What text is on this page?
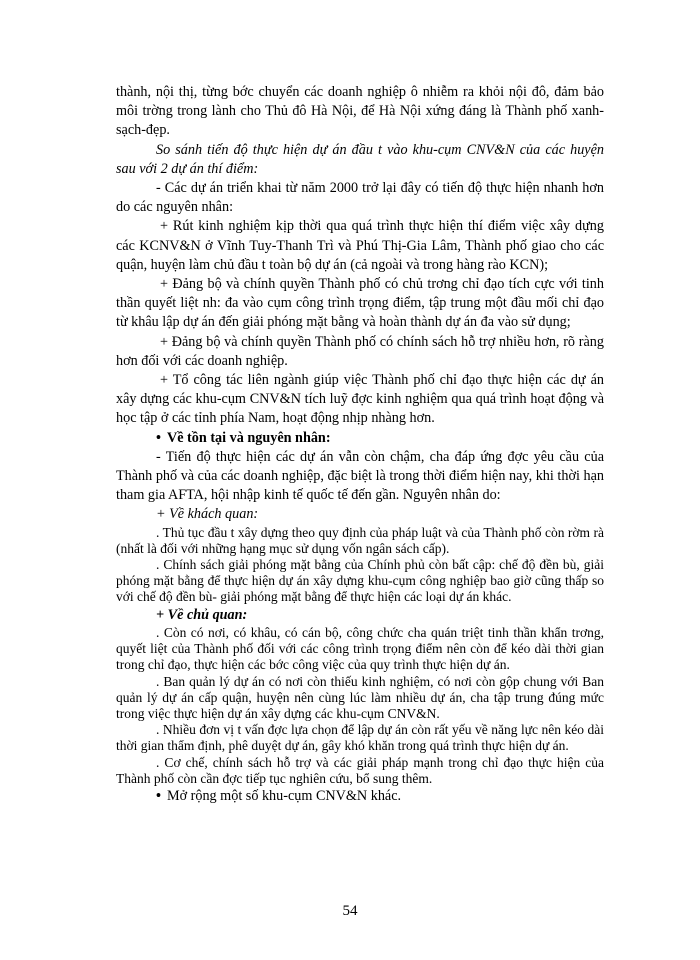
thành, nội thị, từng bớc chuyển các doanh nghiệp ô nhiễm ra khỏi nội đô, đảm bảo môi trờng trong lành cho Thủ đô Hà Nội, để Hà Nội xứng đáng là Thành phố xanh-sạch-đẹp.

So sánh tiến độ thực hiện dự án đầu t vào khu-cụm CNV&N của các huyện sau với 2 dự án thí điểm:

- Các dự án triển khai từ năm 2000 trở lại đây có tiến độ thực hiện nhanh hơn do các nguyên nhân:

+ Rút kinh nghiệm kịp thời qua quá trình thực hiện thí điểm việc xây dựng các KCNV&N ở Vĩnh Tuy-Thanh Trì và Phú Thị-Gia Lâm, Thành phố giao cho các quận, huyện làm chủ đầu t toàn bộ dự án (cả ngoài và trong hàng rào KCN);

+ Đảng bộ và chính quyền Thành phố có chủ trơng chỉ đạo tích cực với tinh thần quyết liệt nh: đa vào cụm công trình trọng điểm, tập trung một đầu mối chỉ đạo từ khâu lập dự án đến giải phóng mặt bằng và hoàn thành dự án đa vào sử dụng;

+ Đảng bộ và chính quyền Thành phố có chính sách hỗ trợ nhiều hơn, rõ ràng hơn đối với các doanh nghiệp.

+ Tổ công tác liên ngành giúp việc Thành phố chỉ đạo thực hiện các dự án xây dựng các khu-cụm CNV&N tích luỹ đợc kinh nghiệm qua quá trình hoạt động và học tập ở các tỉnh phía Nam, hoạt động nhịp nhàng hơn.

• Về tồn tại và nguyên nhân:

- Tiến độ thực hiện các dự án vẫn còn chậm, cha đáp ứng đợc yêu cầu của Thành phố và của các doanh nghiệp, đặc biệt là trong thời điểm hiện nay, khi thời hạn tham gia AFTA, hội nhập kinh tế quốc tế đến gần. Nguyên nhân do:

+ Về khách quan:

. Thủ tục đầu t xây dựng theo quy định của pháp luật và của Thành phố còn rờm rà (nhất là đối với những hạng mục sử dụng vốn ngân sách cấp).

. Chính sách giải phóng mặt bằng của Chính phủ còn bất cập: chế độ đền bù, giải phóng mặt bằng để thực hiện dự án xây dựng khu-cụm công nghiệp bao giờ cũng thấp so với chế độ đền bù- giải phóng mặt bằng để thực hiện các loại dự án khác.

+ Về chủ quan:

. Còn có nơi, có khâu, có cán bộ, công chức cha quán triệt tinh thần khẩn trơng, quyết liệt của Thành phố đối với các công trình trọng điểm nên còn để kéo dài thời gian trong chỉ đạo, thực hiện các bớc công việc của quy trình thực hiện dự án.

. Ban quản lý dự án có nơi còn thiếu kinh nghiệm, có nơi còn gộp chung với Ban quản lý dự án cấp quận, huyện nên cùng lúc làm nhiều dự án, cha tập trung đúng mức trong việc thực hiện dự án xây dựng các khu-cụm CNV&N.

. Nhiều đơn vị t vấn đợc lựa chọn để lập dự án còn rất yếu về năng lực nên kéo dài thời gian thẩm định, phê duyệt dự án, gây khó khăn trong quá trình thực hiện dự án.

. Cơ chế, chính sách hỗ trợ và các giải pháp mạnh trong chỉ đạo thực hiện của Thành phố còn cần đợc tiếp tục nghiên cứu, bổ sung thêm.

• Mở rộng một số khu-cụm CNV&N khác.

54
